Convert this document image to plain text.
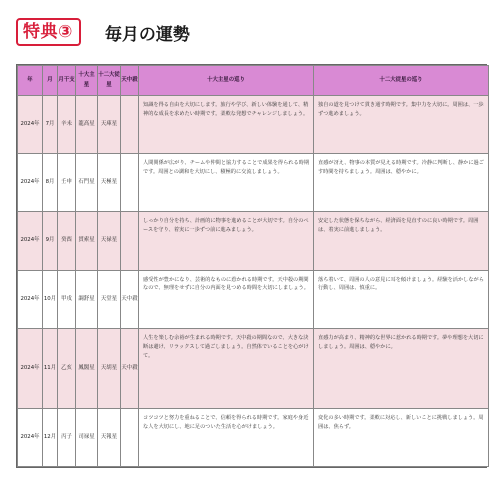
特典③	毎月の運勢
年	月	月干支	十大主星	十二大従星	天中殺	十大主星の巡り	十二大従星の巡り
2024年	7月	辛未	龍高星	天庫星		知識を得る自由を大切にします。旅行や学び、新しい体験を通して、精神的な成長を求めたい時期です。柔軟な発想でチャレンジしましょう。	独自の道を見つけて貫き通す時期です。集中力を大切に。周囲は、一歩ずつ進めましょう。
2024年	8月	壬申	石門星	天極星		人間関係が広がり、チームや仲間と協力することで成果を得られる時期です。周囲との調和を大切にし、積極的に交流しましょう。	直感が冴え、物事の本質が見える時期です。冷静に判断し、静かに過ごす時間を持ちましょう。周囲は、穏やかに。
2024年	9月	癸酉	貫索星	天禄星		しっかり自分を持ち、計画的に物事を進めることが大切です。自分のペースを守り、着実に一歩ずつ前に進みましょう。	安定した状態を保ちながら、経済面を見直すのに良い時期です。周囲は、着実に前進しましょう。
2024年	10月	甲戌	調舒星	天堂星	天中殺	感受性が豊かになり、芸術的なものに惹かれる時期です。天中殺の期間なので、無理をせずに自分の内面を見つめる時間を大切にしましょう。	落ち着いて、周囲の人の意見に耳を傾けましょう。経験を活かしながら行動し、周囲は、慎重に。
2024年	11月	乙亥	鳳閣星	天胡星	天中殺	人生を楽しむ余裕が生まれる時期です。天中殺の期間なので、大きな決断は避け、リラックスして過ごしましょう。自然体でいることを心がけて。	直感力が高まり、精神的な世界に惹かれる時期です。夢や理想を大切にしましょう。周囲は、穏やかに。
2024年	12月	丙子	司禄星	天報星		コツコツと努力を重ねることで、信頼を得られる時期です。家庭や身近な人を大切にし、地に足のついた生活を心がけましょう。	変化の多い時期です。柔軟に対応し、新しいことに挑戦しましょう。周囲は、焦らず。
